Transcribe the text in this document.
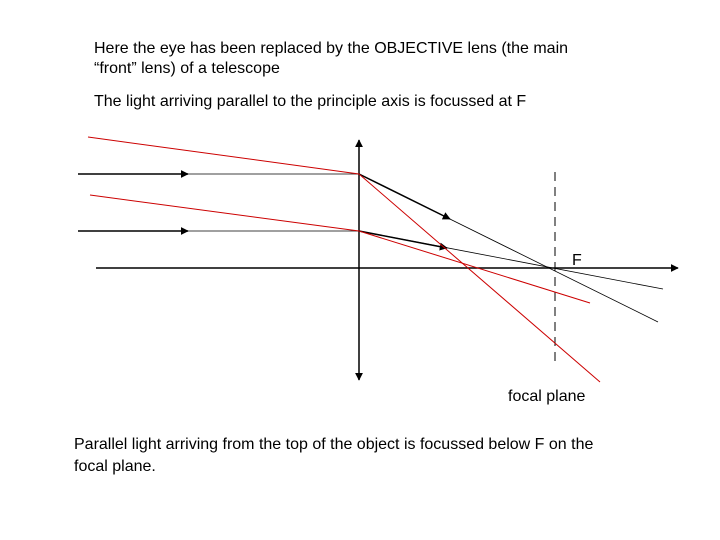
Here the eye has been replaced by the OBJECTIVE lens (the main

“front” lens) of a telescope

The light arriving parallel to the principle axis is focussed at F

F
focal plane

Parallel light arriving from the top of the object is focussed below F on the

focal plane.
